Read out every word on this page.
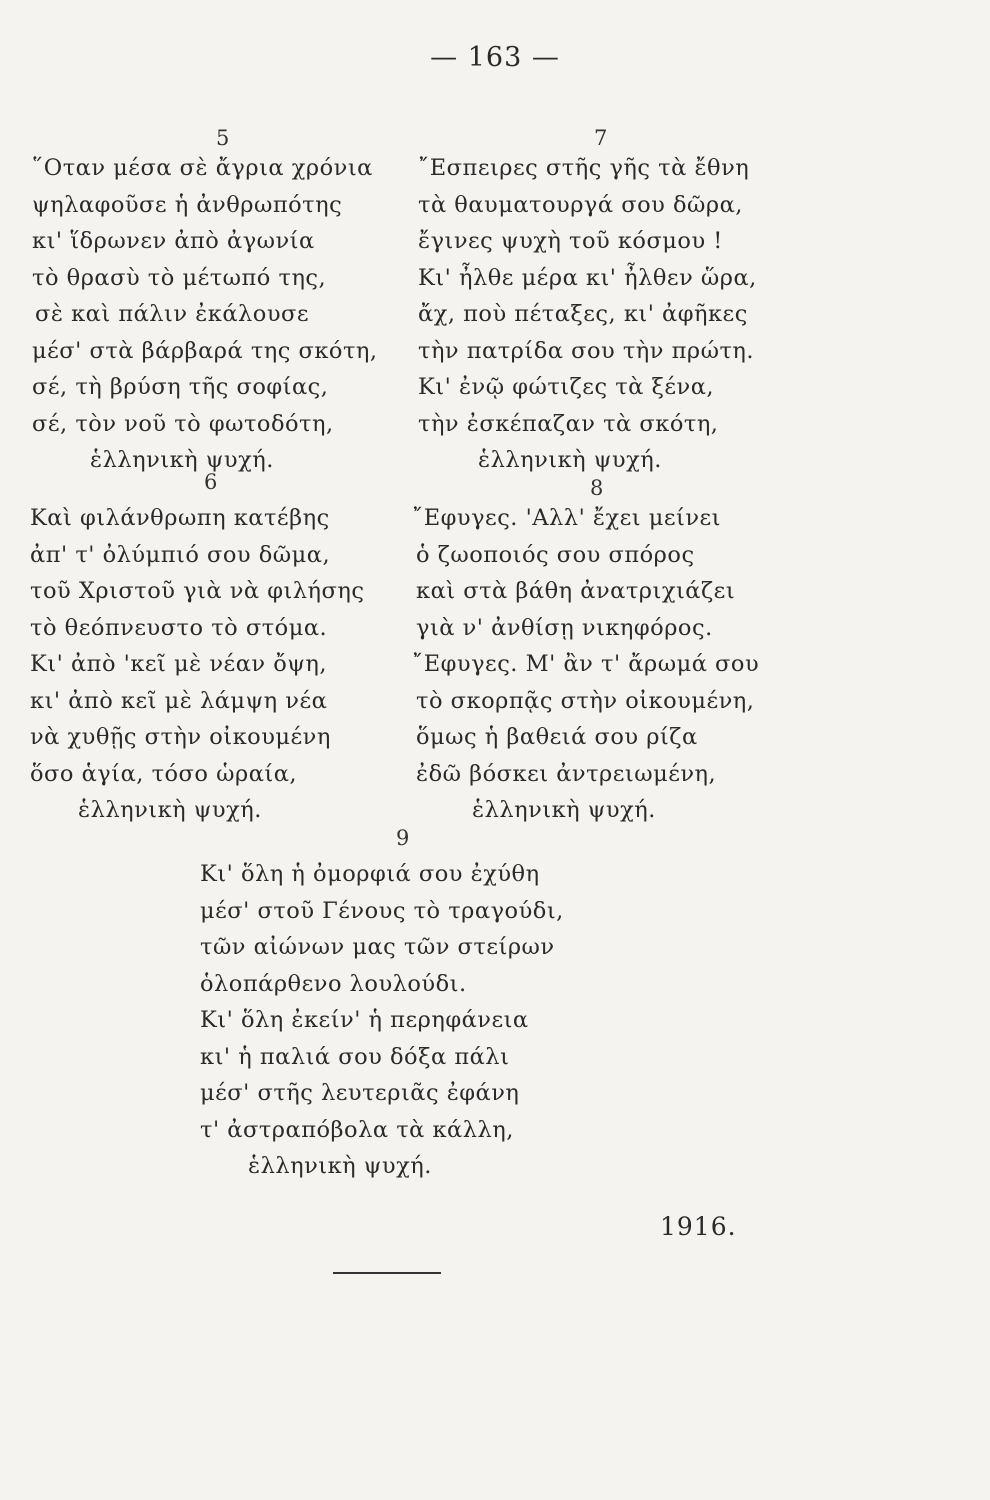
— 163 —
5
῞Οταν μέσα σὲ ἄγρια χρόνια
ψηλαφοῦσε ἡ ἀνθρωπότης
κι' ἵδρωνεν ἀπὸ ἀγωνία
τὸ θρασὺ τὸ μέτωπό της,
σὲ καὶ πάλιν ἐκάλουσε
μέσ' στὰ βάρβαρά της σκότη,
σέ, τὴ βρύση τῆς σοφίας,
σέ, τὸν νοῦ τὸ φωτοδότη,
ἑλληνικὴ ψυχή.
7
῎Εσπειρες στῆς γῆς τὰ ἔθνη
τὰ θαυματουργά σου δῶρα,
ἔγινες ψυχὴ τοῦ κόσμου !
Κι' ἦλθε μέρα κι' ἦλθεν ὥρα,
ἄχ, ποὺ πέταξες, κι' ἀφῆκες
τὴν πατρίδα σου τὴν πρώτη.
Κι' ἐνῷ φώτιζες τὰ ξένα,
τὴν ἐσκέπαζαν τὰ σκότη,
ἑλληνικὴ ψυχή.
6
Καὶ φιλάνθρωπη κατέβης
ἀπ' τ' ὀλύμπιό σου δῶμα,
τοῦ Χριστοῦ γιὰ νὰ φιλήσης
τὸ θεόπνευστο τὸ στόμα.
Κι' ἀπὸ 'κεῖ μὲ νέαν ὄψη,
κι' ἀπὸ κεῖ μὲ λάμψη νέα
νὰ χυθῇς στὴν οἰκουμένη
ὅσο ἁγία, τόσο ὡραία,
ἑλληνικὴ ψυχή.
8
῎Εφυγες. 'Αλλ' ἔχει μείνει
ὁ ζωοποιός σου σπόρος
καὶ στὰ βάθη ἀνατριχιάζει
γιὰ ν' ἀνθίσῃ νικηφόρος.
῎Εφυγες. Μ' ἂν τ' ἄρωμά σου
τὸ σκορπᾷς στὴν οἰκουμένη,
ὅμως ἡ βαθειά σου ρίζα
ἐδῶ βόσκει ἀντρειωμένη,
ἑλληνικὴ ψυχή.
9
Κι' ὅλη ἡ ὀμορφιά σου ἐχύθη
μέσ' στοῦ Γένους τὸ τραγούδι,
τῶν αἰώνων μας τῶν στείρων
ὁλοπάρθενο λουλούδι.
Κι' ὅλη ἐκείν' ἡ περηφάνεια
κι' ἡ παλιά σου δόξα πάλι
μέσ' στῆς λευτεριᾶς ἐφάνη
τ' ἀστραπόβολα τὰ κάλλη,
ἑλληνικὴ ψυχή.
1916.
